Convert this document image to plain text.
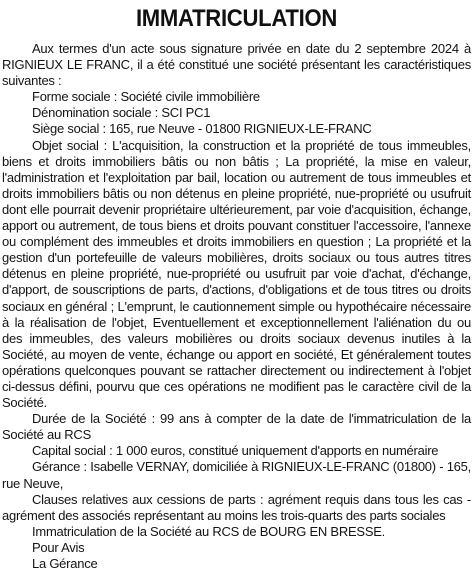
IMMATRICULATION

Aux termes d'un acte sous signature privée en date du 2 septembre 2024 à RIGNIEUX LE FRANC, il a été constitué une société présentant les caractéristiques suivantes :

Forme sociale : Société civile immobilière

Dénomination sociale : SCI PC1

Siège social : 165, rue Neuve - 01800 RIGNIEUX-LE-FRANC

Objet social : L'acquisition, la construction et la propriété de tous immeubles, biens et droits immobiliers bâtis ou non bâtis ; La propriété, la mise en valeur, l'administration et l'exploitation par bail, location ou autrement de tous immeubles et droits immobiliers bâtis ou non détenus en pleine propriété, nue-propriété ou usufruit dont elle pourrait devenir propriétaire ultérieurement, par voie d'acquisition, échange, apport ou autrement, de tous biens et droits pouvant constituer l'accessoire, l'annexe ou complément des immeubles et droits immobiliers en question ; La propriété et la gestion d'un portefeuille de valeurs mobilières, droits sociaux ou tous autres titres détenus en pleine propriété, nue-propriété ou usufruit par voie d'achat, d'échange, d'apport, de souscriptions de parts, d'actions, d'obligations et de tous titres ou droits sociaux en général ; L'emprunt, le cautionnement simple ou hypothécaire nécessaire à la réalisation de l'objet, Eventuellement et exceptionnellement l'aliénation du ou des immeubles, des valeurs mobilières ou droits sociaux devenus inutiles à la Société, au moyen de vente, échange ou apport en société, Et généralement toutes opérations quelconques pouvant se rattacher directement ou indirectement à l'objet ci-dessus défini, pourvu que ces opérations ne modifient pas le caractère civil de la Société.

Durée de la Société : 99 ans à compter de la date de l'immatriculation de la Société au RCS

Capital social : 1 000 euros, constitué uniquement d'apports en numéraire

Gérance : Isabelle VERNAY, domiciliée à RIGNIEUX-LE-FRANC (01800) - 165, rue Neuve,

Clauses relatives aux cessions de parts : agrément requis dans tous les cas - agrément des associés représentant au moins les trois-quarts des parts sociales

Immatriculation de la Société au RCS de BOURG EN BRESSE.

Pour Avis

La Gérance
